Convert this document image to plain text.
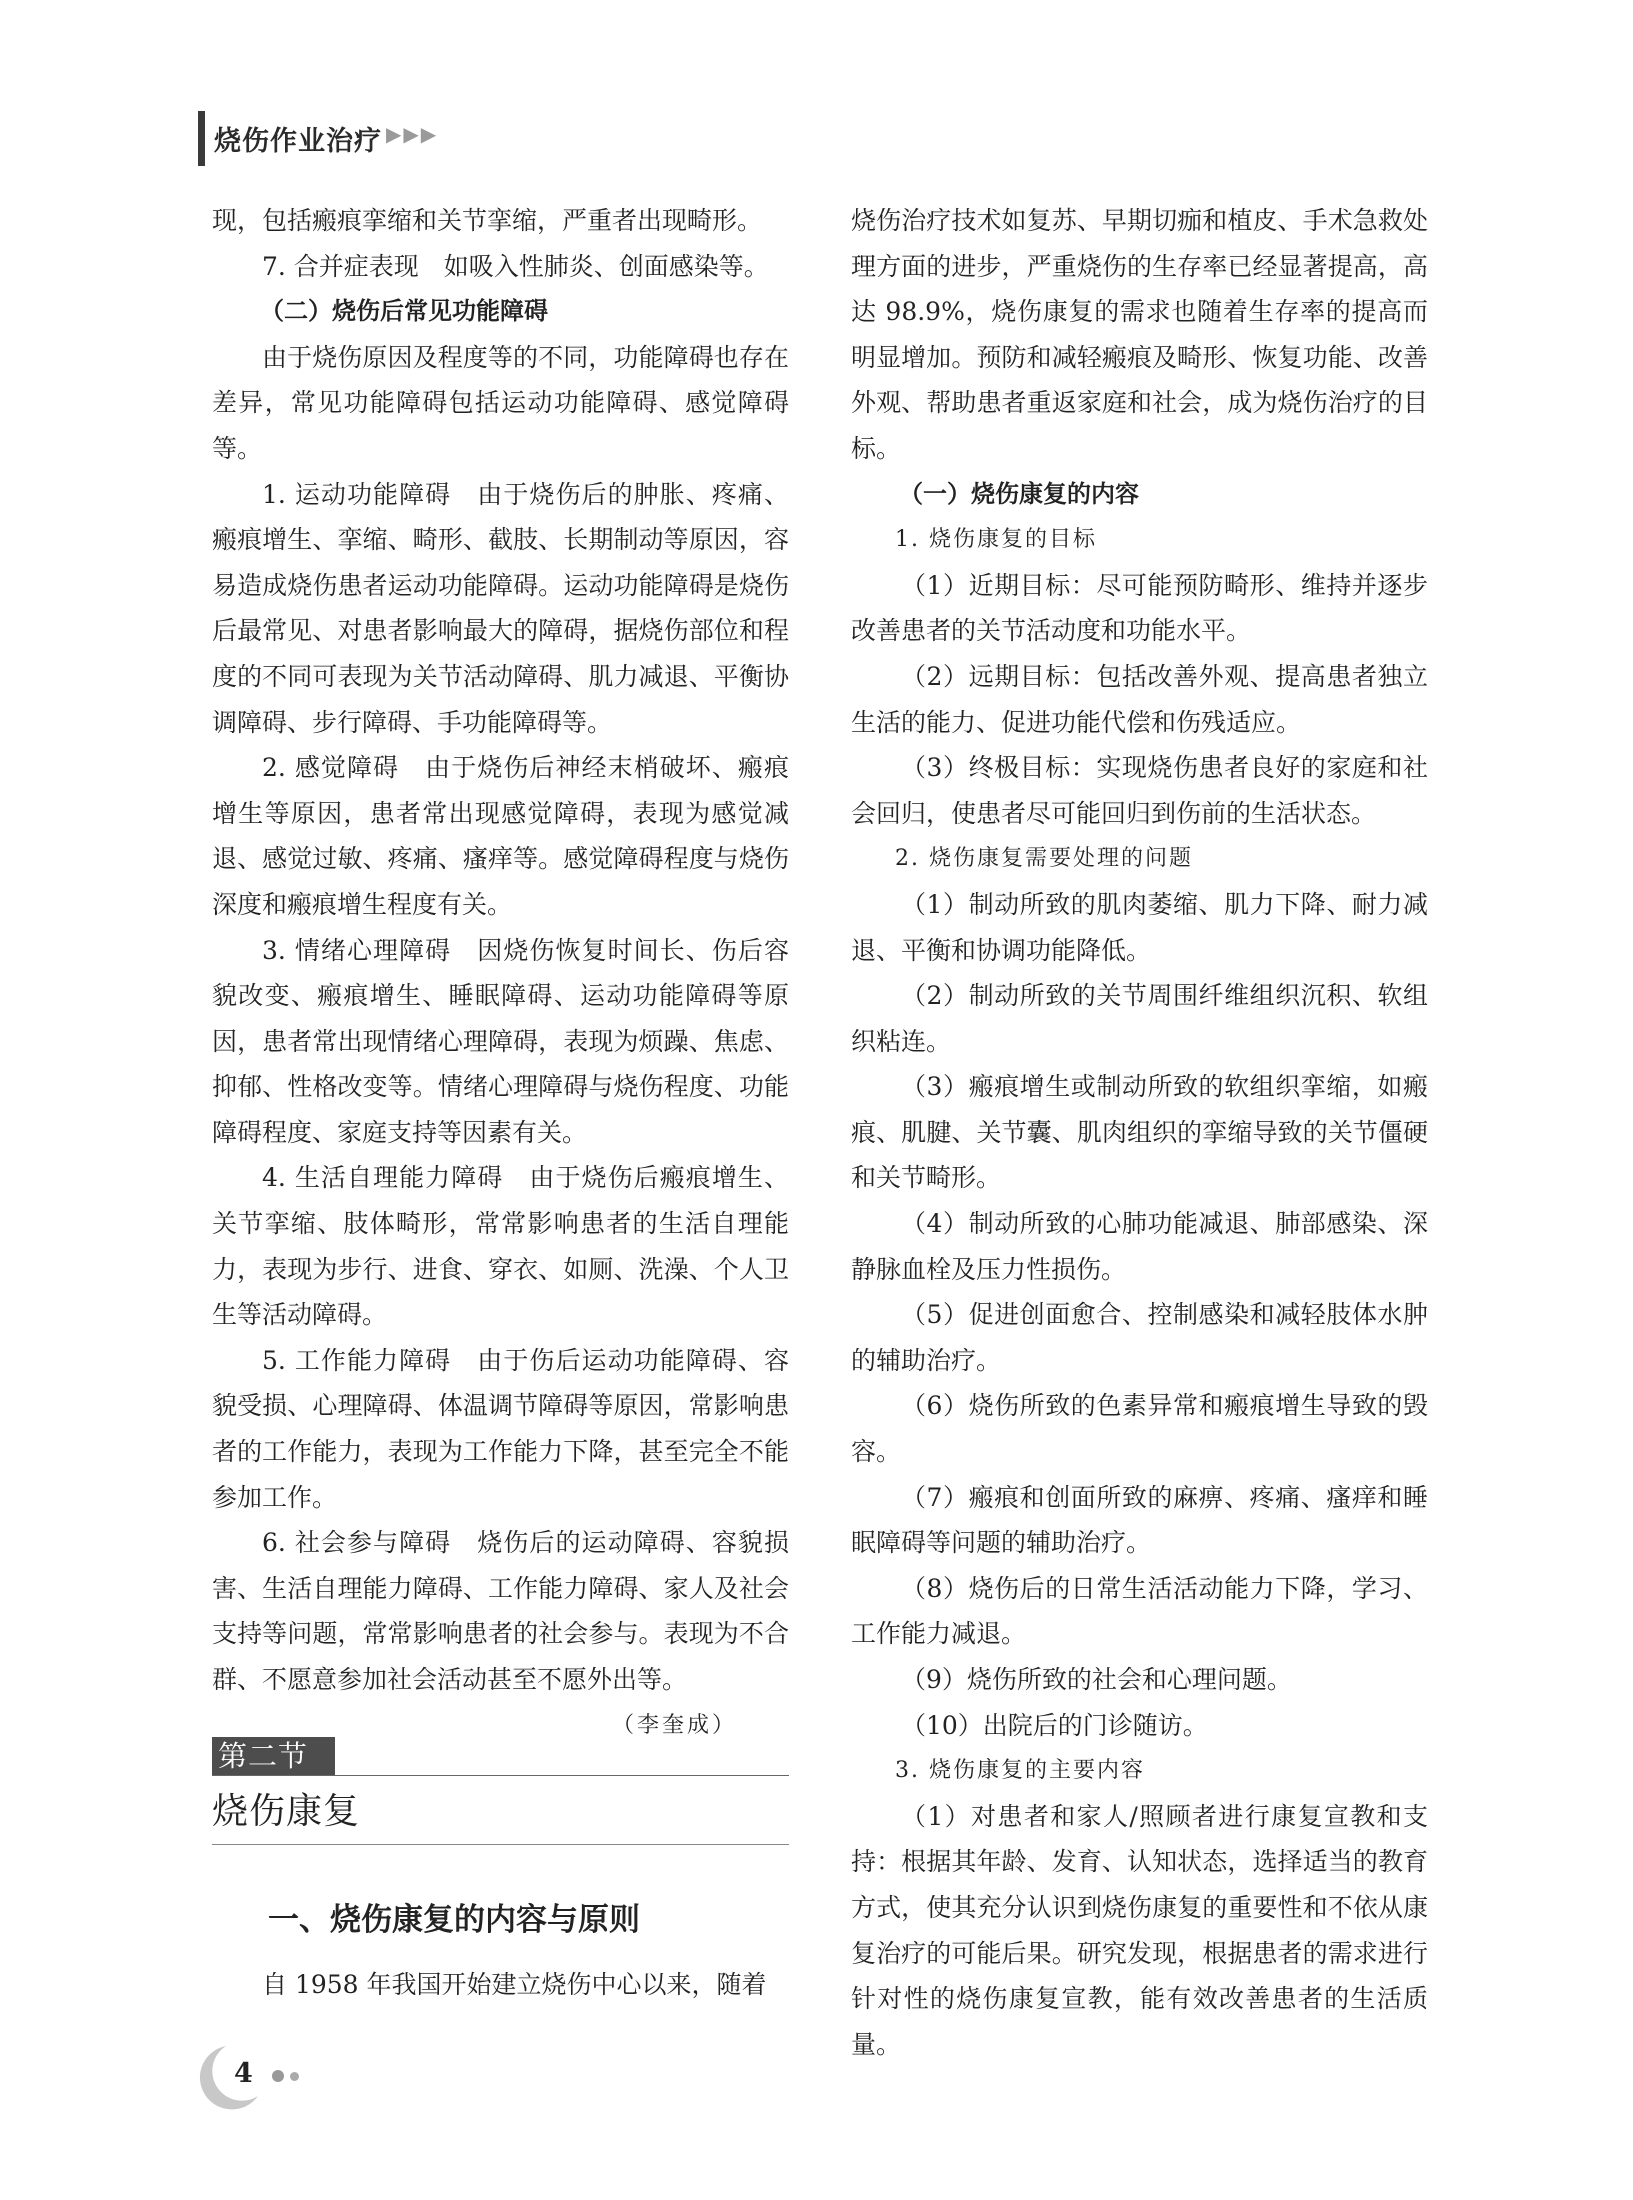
烧伤作业治疗 ▶▶▶

现，包括瘢痕挛缩和关节挛缩，严重者出现畸形。

7. 合并症表现　如吸入性肺炎、创面感染等。

（二）烧伤后常见功能障碍

由于烧伤原因及程度等的不同，功能障碍也存在差异，常见功能障碍包括运动功能障碍、感觉障碍等。

1. 运动功能障碍　由于烧伤后的肿胀、疼痛、瘢痕增生、挛缩、畸形、截肢、长期制动等原因，容易造成烧伤患者运动功能障碍。运动功能障碍是烧伤后最常见、对患者影响最大的障碍，据烧伤部位和程度的不同可表现为关节活动障碍、肌力减退、平衡协调障碍、步行障碍、手功能障碍等。

2. 感觉障碍　由于烧伤后神经末梢破坏、瘢痕增生等原因，患者常出现感觉障碍，表现为感觉减退、感觉过敏、疼痛、瘙痒等。感觉障碍程度与烧伤深度和瘢痕增生程度有关。

3. 情绪心理障碍　因烧伤恢复时间长、伤后容貌改变、瘢痕增生、睡眠障碍、运动功能障碍等原因，患者常出现情绪心理障碍，表现为烦躁、焦虑、抑郁、性格改变等。情绪心理障碍与烧伤程度、功能障碍程度、家庭支持等因素有关。

4. 生活自理能力障碍　由于烧伤后瘢痕增生、关节挛缩、肢体畸形，常常影响患者的生活自理能力，表现为步行、进食、穿衣、如厕、洗澡、个人卫生等活动障碍。

5. 工作能力障碍　由于伤后运动功能障碍、容貌受损、心理障碍、体温调节障碍等原因，常影响患者的工作能力，表现为工作能力下降，甚至完全不能参加工作。

6. 社会参与障碍　烧伤后的运动障碍、容貌损害、生活自理能力障碍、工作能力障碍、家人及社会支持等问题，常常影响患者的社会参与。表现为不合群、不愿意参加社会活动甚至不愿外出等。

（李奎成）

第二节
烧伤康复
一、烧伤康复的内容与原则

自 1958 年我国开始建立烧伤中心以来，随着

烧伤治疗技术如复苏、早期切痂和植皮、手术急救处理方面的进步，严重烧伤的生存率已经显著提高，高达 98.9%，烧伤康复的需求也随着生存率的提高而明显增加。预防和减轻瘢痕及畸形、恢复功能、改善外观、帮助患者重返家庭和社会，成为烧伤治疗的目标。

（一）烧伤康复的内容

1. 烧伤康复的目标

（1）近期目标：尽可能预防畸形、维持并逐步改善患者的关节活动度和功能水平。

（2）远期目标：包括改善外观、提高患者独立生活的能力、促进功能代偿和伤残适应。

（3）终极目标：实现烧伤患者良好的家庭和社会回归，使患者尽可能回归到伤前的生活状态。

2. 烧伤康复需要处理的问题

（1）制动所致的肌肉萎缩、肌力下降、耐力减退、平衡和协调功能降低。

（2）制动所致的关节周围纤维组织沉积、软组织粘连。

（3）瘢痕增生或制动所致的软组织挛缩，如瘢痕、肌腱、关节囊、肌肉组织的挛缩导致的关节僵硬和关节畸形。

（4）制动所致的心肺功能减退、肺部感染、深静脉血栓及压力性损伤。

（5）促进创面愈合、控制感染和减轻肢体水肿的辅助治疗。

（6）烧伤所致的色素异常和瘢痕增生导致的毁容。

（7）瘢痕和创面所致的麻痹、疼痛、瘙痒和睡眠障碍等问题的辅助治疗。

（8）烧伤后的日常生活活动能力下降，学习、工作能力减退。

（9）烧伤所致的社会和心理问题。

（10）出院后的门诊随访。

3. 烧伤康复的主要内容

（1）对患者和家人/照顾者进行康复宣教和支持：根据其年龄、发育、认知状态，选择适当的教育方式，使其充分认识到烧伤康复的重要性和不依从康复治疗的可能后果。研究发现，根据患者的需求进行针对性的烧伤康复宣教，能有效改善患者的生活质量。

4
